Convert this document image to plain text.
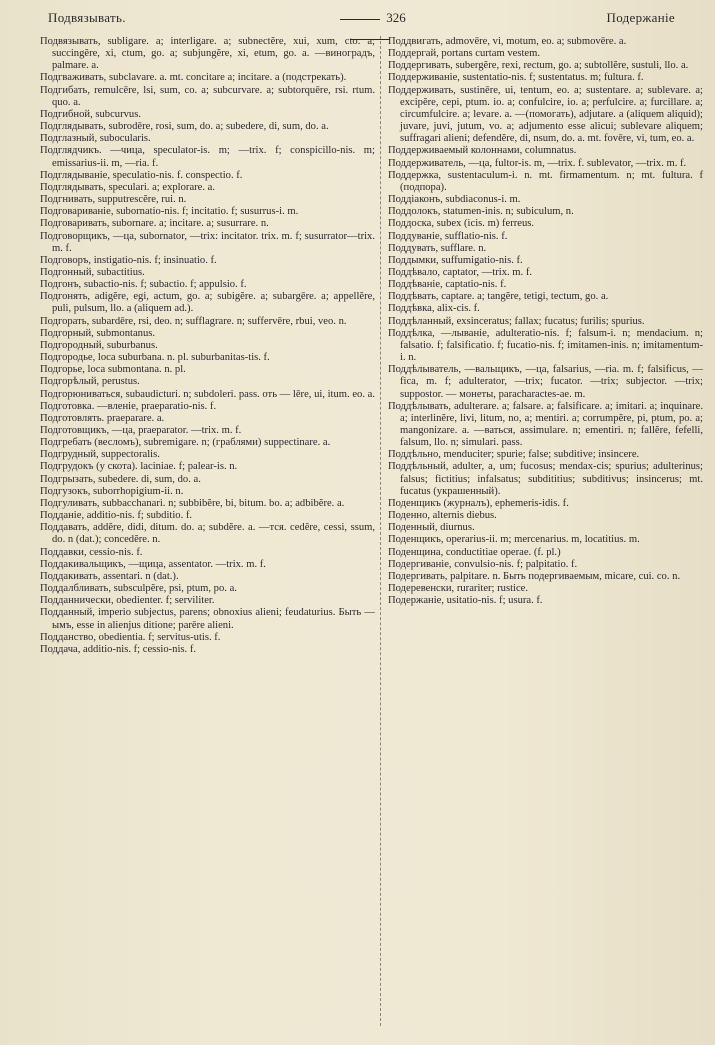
Подвязывать.	326	Подержаніе

Подвязывать, subligare. a; interligare. a; subnectĕre, xui, xum, cto. a; succingĕre, xi, ctum, go. a; subjungĕre, xi, etum, go. a. —виноградъ, palmare. a.

Подгваживать, subclavare. a. mt. concitare a; incitare. a (подстрекать).

Подгибать, remulcēre, lsi, sum, co. a; subcurvare. a; subtorquēre, rsi. rtum. quo. a.

Подгибной, subcurvus.

Подглядывать, subrodēre, rosi, sum, do. a; subedere, di, sum, do. a.

Подглазный, subocularis.

Подглядчикъ. —чица, speculator-is. m; —trix. f; conspicillo-nis. m; emissarius-ii. m, —ria. f.

Подглядываніе, speculatio-nis. f. conspectio. f.

Подглядывать, speculari. a; explorare. a.

Подгнивать, supputrescĕre, rui. n.

Подговариваніе, subornatio-nis. f; incitatio. f; susurrus-i. m.

Подговаривать, subornare. a; incitare. a; susurrare. n.

Подговорщикъ, —ца, subornator, —trix: incitator. trix. m. f; susurrator—trix. m. f.

Подговоръ, instigatio-nis. f; insinuatio. f.

Подгонный, subactitius.

Подгонъ, subactio-nis. f; subactio. f; appulsio. f.

Подгонять, adigĕre, egi, actum, go. a; subigĕre. a; subargēre. a; appellĕre, puli, pulsum, llo. a (aliquem ad.).

Подгорать, subardēre, rsi, deo. n; sufflagrare. n; suffervēre, rbui, veo. n.

Подгорный, submontanus.

Подгородный, suburbanus.

Подгородье, loca suburbana. n. pl. suburbanitas-tis. f.

Подгорье, loca submontana. n. pl.

Подгорѣлый, perustus.

Подгорюниваться, subaudiсturi. n; subdoleri. pass. оть — lēre, ui, itum. eo. a.

Подготовка. —вленіе, praeparatio-nis. f.

Подготовлять. praeparare. a.

Подготовщикъ, —ца, praeparator. —trix. m. f.

Подгребать (весломъ), subremigare. n; (граблями) suppectinare. a.

Подгрудный, suppectoralis.

Подгрудокъ (у скота). laciniae. f; palear-is. n.

Подгрызать, subedere. di, sum, do. a.

Подгузокъ, suborrhopigium-ii. n.

Подгуливать, subbacchanari. n; subbibĕre, bi, bitum. bo. a; adbibĕre. a.

Подданіе, additio-nis. f; subditio. f.

Поддавать, addĕre, didi, ditum. do. a; subdĕre. a. —тся. cedĕre, cessi, ssum, do. n (dat.); concedĕre. n.

Поддавки, cessio-nis. f.

Поддакивальщикъ, —щица, assentator. —trix. m. f.

Поддакивать, assentari. n (dat.).

Поддалбливать, subsculpĕre, psi, ptum, po. a.

Подданнически, obedienter. f; serviliter.

Подданный, imperio subjectus, parens; obnoxius alieni; feudaturius. Быть —ымъ, esse in alienjus ditione; parēre alieni.

Подданство, obedientia. f; servitus-utis. f.

Поддача, additio-nis. f; cessio-nis. f.

Поддвигать, admovēre, vi, motum, eo. a; submovēre. a.

Поддергай, portans curtam vestem.

Поддергивать, subergĕre, rexi, rectum, go. a; subtollĕre, sustuli, llo. a.

Поддерживаніе, sustentatio-nis. f; sustentatus. m; fultura. f.

Поддерживать, sustinēre, ui, tentum, eo. a; sustentare. a; sublevare. a; excipĕre, cepi, ptum. io. a; confulcire, io. a; perfulcire. a; furcillare. a; circumfulcire. a; levare. a. —(помогать), adjutare. a (aliquem aliquid); juvare, juvi, jutum, vo. a; adjumento esse alicui; sublevare aliquem; suffragari alieni; defendĕre, di, nsum, do. a. mt. fovēre, vi, tum, eo. a.

Поддерживаемый колоннами, columnatus.

Поддерживатель, —ца, fultor-is. m, —trix. f. sublevator, —trix. m. f.

Поддержка, sustentaculum-i. n. mt. firmamentum. n; mt. fultura. f (подпора).

Поддіаконъ, subdiaconus-i. m.

Поддолокъ, statumen-inis. n; subiculum, n.

Поддоска, subex (icis. m) ferreus.

Поддуваніе, sufflatio-nis. f.

Поддувать, sufflare. n.

Поддымки, suffumigatio-nis. f.

Поддѣвало, captator, —trix. m. f.

Поддѣваніе, captatio-nis. f.

Поддѣвать, captare. a; tangĕre, tetigi, tectum, go. a.

Поддѣвка, alix-cis. f.

Поддѣланный, exsinceratus; fallax; fucatus; furilis; spurius.

Поддѣлка, —лываніе, adulteratio-nis. f; falsum-i. n; mendacium. n; falsatio. f; falsificatio. f; fucatio-nis. f; imitamen-inis. n; imitamentum-i. n.

Поддѣлыватель, —вальщикъ, —ца, falsarius, —ria. m. f; falsificus, — fica, m. f; adulterator, —trix; fucator. —trix; subjector. —trix; suppostor. — монеты, paracharactes-ae. m.

Поддѣлывать, adulterare. a; falsare. a; falsificare. a; imitari. a; inquinare. a; interlinĕre, livi, litum, no, a; mentiri. a; corrumpĕre, pi, ptum, po. a; mangonizare. a. —ваться, assimulare. n; ementiri. n; fallĕre, fefelli, falsum, llo. n; simulari. pass.

Поддѣльно, menduciter; spurie; false; subditive; insincere.

Поддѣльный, adulter, a, um; fucosus; mendax-cis; spurius; adulterinus; falsus; fictitius; infalsatus; subdititius; subditivus; insincerus; mt. fucatus (украшенный).

Поденщикъ (журналъ), ephemeris-idis. f.

Поденно, alternis diebus.

Поденный, diurnus.

Поденщикъ, operarius-ii. m; mercenarius. m, locatitius. m.

Поденщина, conductitiae operae. (f. pl.)

Подергиваніе, convulsio-nis. f; palpitatio. f.

Подергивать, palpitare. n. Быть подергиваемым, micare, cui. co. n.

Подеревенски, rurariter; rustice.

Подержаніе, usitatio-nis. f; usura. f.
